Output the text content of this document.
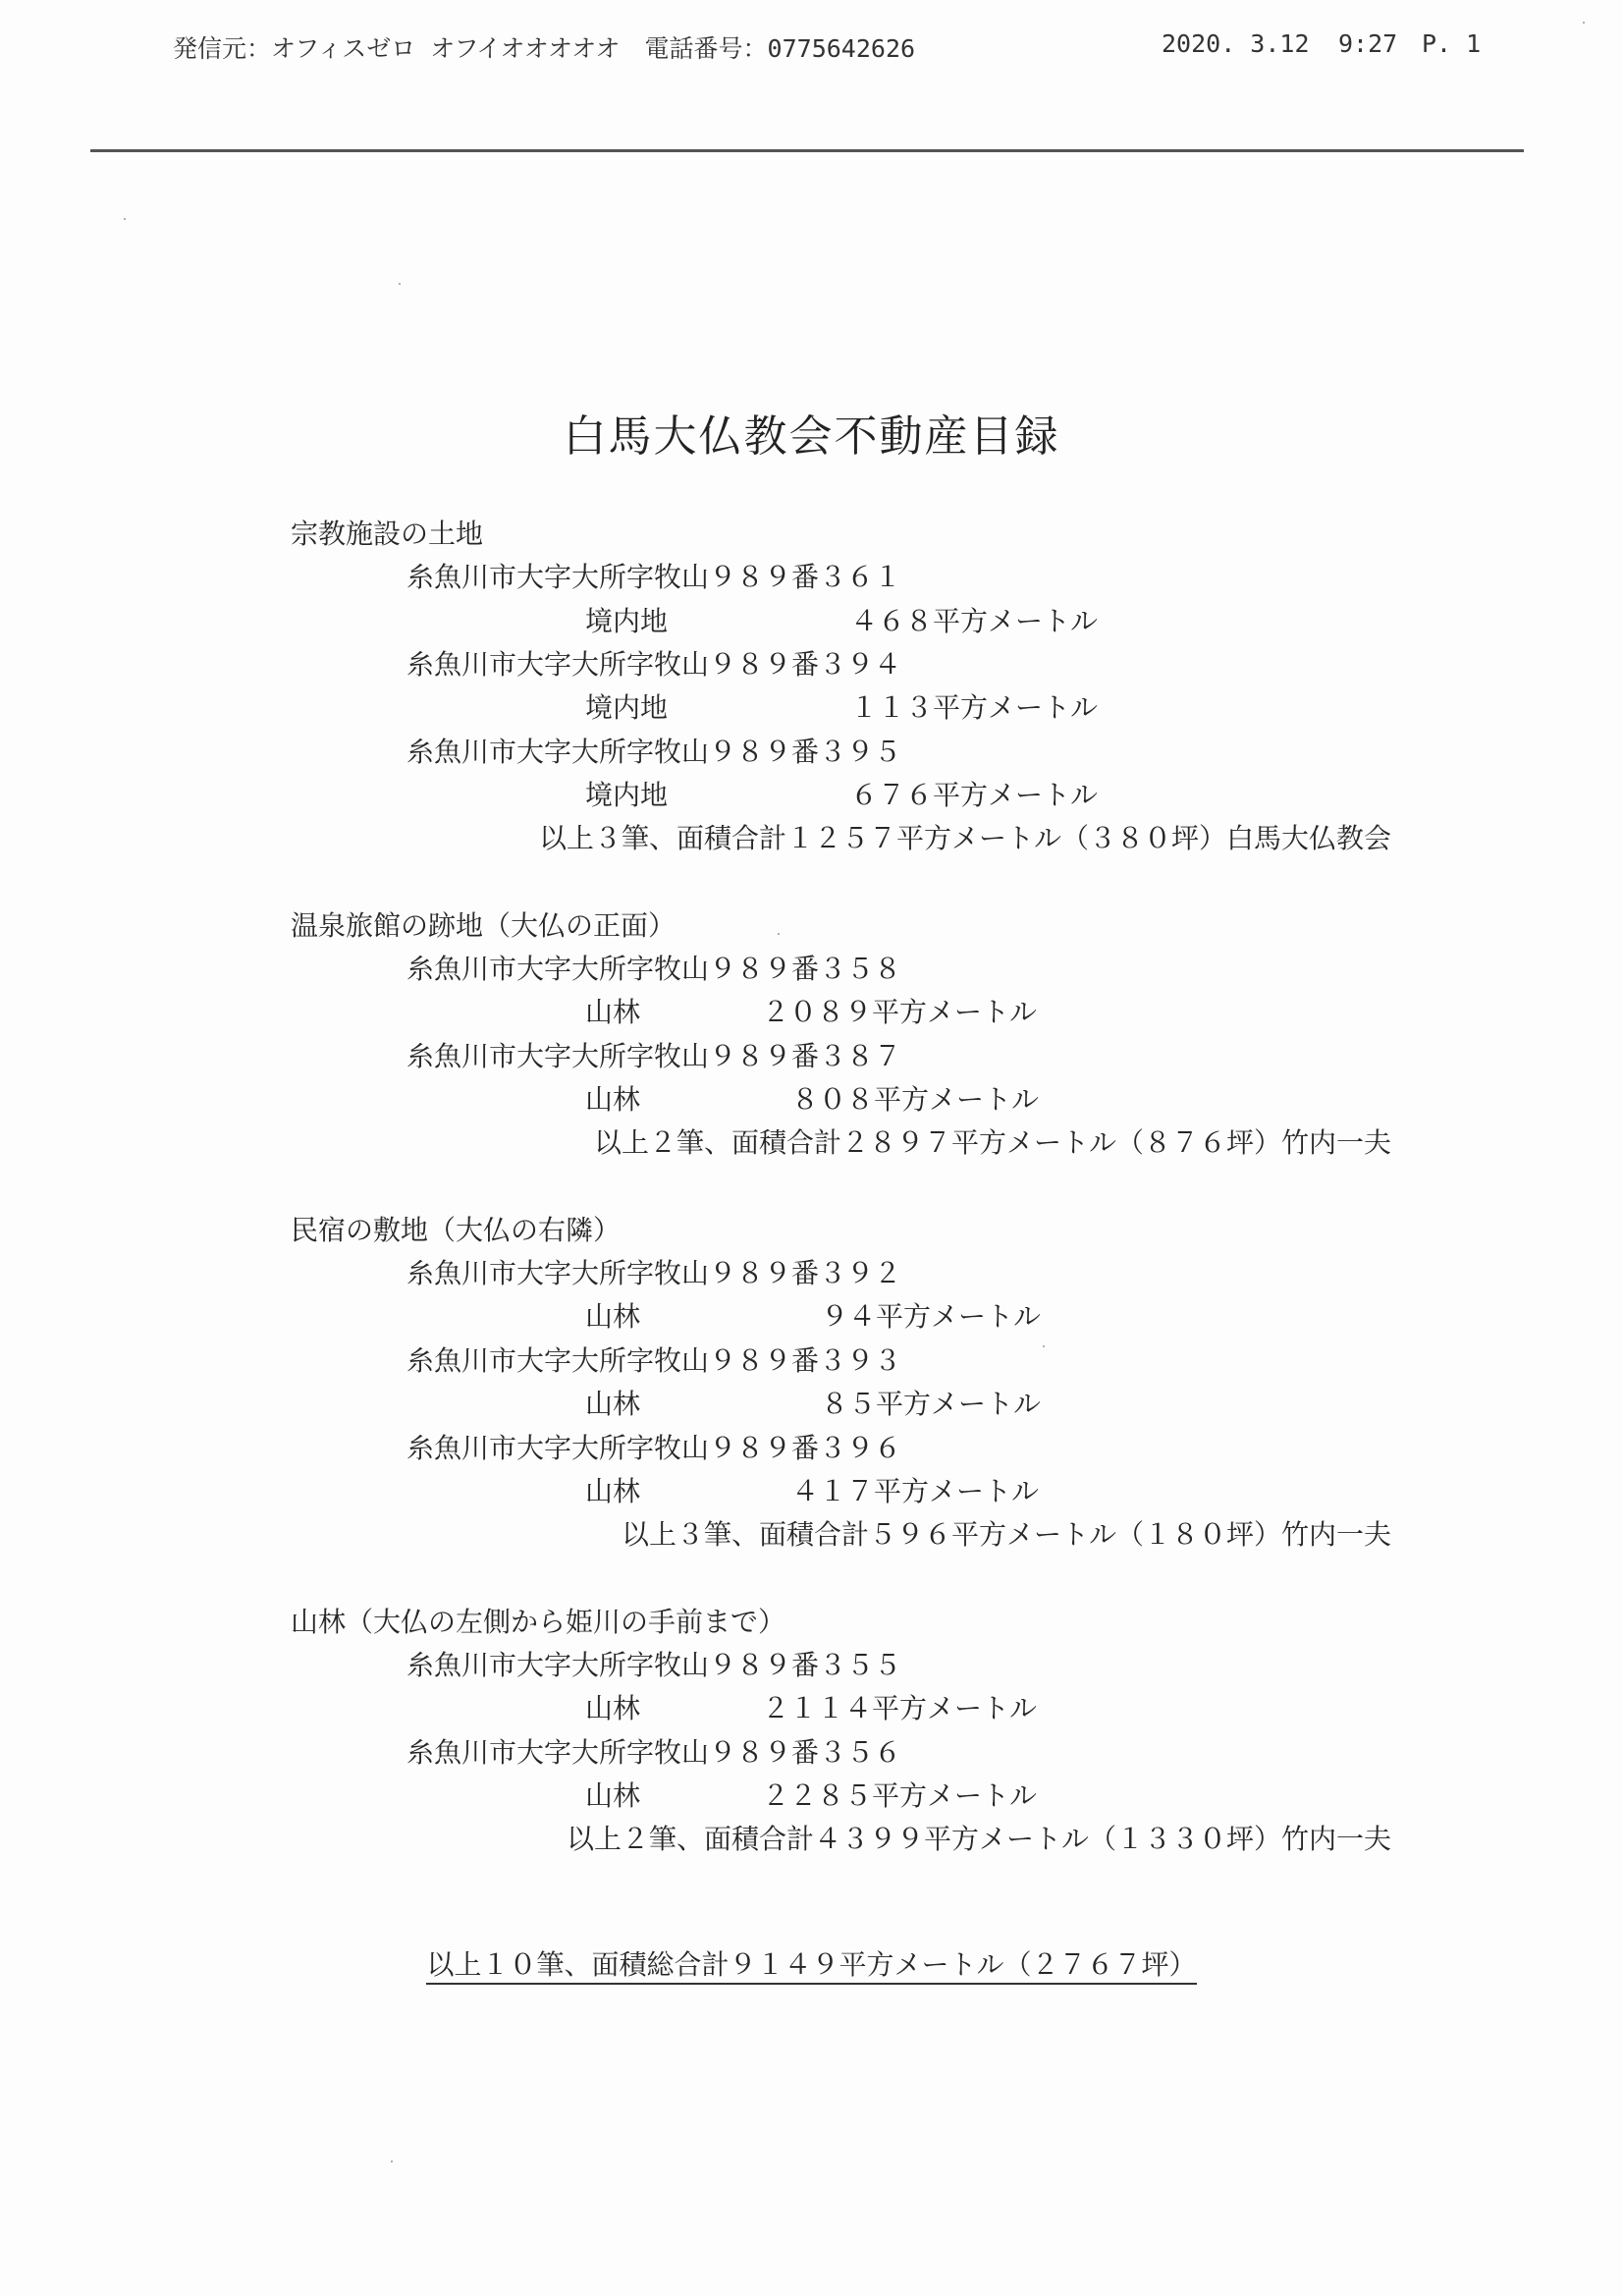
発信元：オフィスゼロ オフイオオオオオ　電話番号：0775642626	2020. 3.12 9:27 P. 1
白馬大仏教会不動産目録
宗教施設の土地
糸魚川市大字大所字牧山９８９番３６１
境内地	４６８平方メートル
糸魚川市大字大所字牧山９８９番３９４
境内地	１１３平方メートル
糸魚川市大字大所字牧山９８９番３９５
境内地	６７６平方メートル
以上３筆、面積合計１２５７平方メートル（３８０坪）白馬大仏教会
温泉旅館の跡地（大仏の正面）
糸魚川市大字大所字牧山９８９番３５８
山林	２０８９平方メートル
糸魚川市大字大所字牧山９８９番３８７
山林	８０８平方メートル
以上２筆、面積合計２８９７平方メートル（８７６坪）竹内一夫
民宿の敷地（大仏の右隣）
糸魚川市大字大所字牧山９８９番３９２
山林	９４平方メートル
糸魚川市大字大所字牧山９８９番３９３
山林	８５平方メートル
糸魚川市大字大所字牧山９８９番３９６
山林	４１７平方メートル
以上３筆、面積合計５９６平方メートル（１８０坪）竹内一夫
山林（大仏の左側から姫川の手前まで）
糸魚川市大字大所字牧山９８９番３５５
山林	２１１４平方メートル
糸魚川市大字大所字牧山９８９番３５６
山林	２２８５平方メートル
以上２筆、面積合計４３９９平方メートル（１３３０坪）竹内一夫
以上１０筆、面積総合計９１４９平方メートル（２７６７坪）
